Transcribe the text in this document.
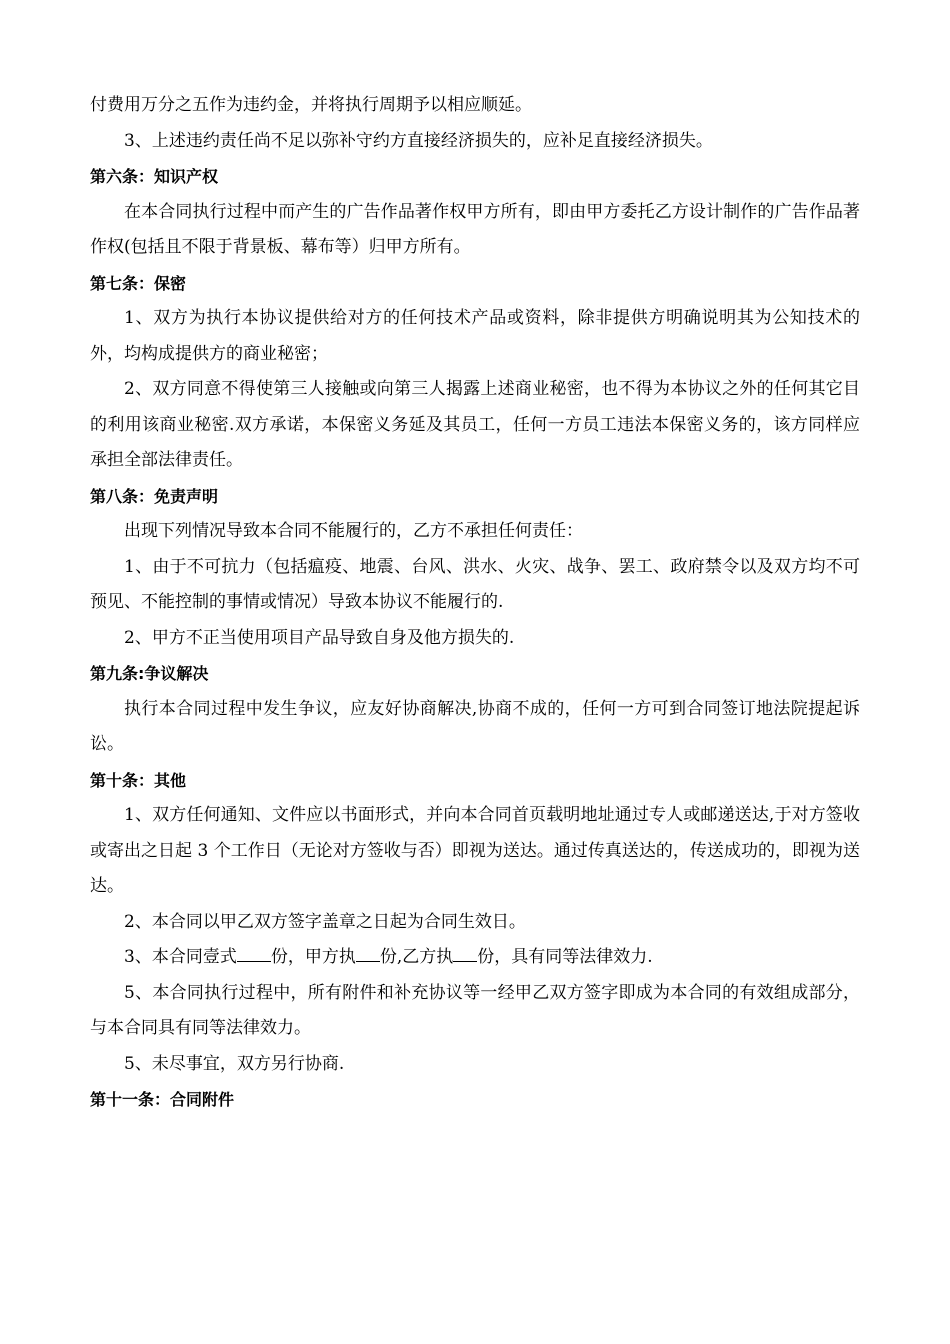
付费用万分之五作为违约金，并将执行周期予以相应顺延。

3、上述违约责任尚不足以弥补守约方直接经济损失的，应补足直接经济损失。

第六条：知识产权

在本合同执行过程中而产生的广告作品著作权甲方所有，即由甲方委托乙方设计制作的广告作品著作权(包括且不限于背景板、幕布等）归甲方所有。

第七条：保密

1、双方为执行本协议提供给对方的任何技术产品或资料，除非提供方明确说明其为公知技术的外，均构成提供方的商业秘密；

2、双方同意不得使第三人接触或向第三人揭露上述商业秘密，也不得为本协议之外的任何其它目的利用该商业秘密.双方承诺，本保密义务延及其员工，任何一方员工违法本保密义务的，该方同样应承担全部法律责任。

第八条：免责声明

出现下列情况导致本合同不能履行的，乙方不承担任何责任：

1、由于不可抗力（包括瘟疫、地震、台风、洪水、火灾、战争、罢工、政府禁令以及双方均不可预见、不能控制的事情或情况）导致本协议不能履行的.

2、甲方不正当使用项目产品导致自身及他方损失的.

第九条:争议解决

执行本合同过程中发生争议，应友好协商解决,协商不成的，任何一方可到合同签订地法院提起诉讼。

第十条：其他

1、双方任何通知、文件应以书面形式，并向本合同首页载明地址通过专人或邮递送达,于对方签收或寄出之日起 3 个工作日（无论对方签收与否）即视为送达。通过传真送达的，传送成功的，即视为送达。

2、本合同以甲乙双方签字盖章之日起为合同生效日。

3、本合同壹式 份，甲方执 份,乙方执 份，具有同等法律效力.

5、本合同执行过程中，所有附件和补充协议等一经甲乙双方签字即成为本合同的有效组成部分，与本合同具有同等法律效力。

5、未尽事宜，双方另行协商.

第十一条：合同附件
